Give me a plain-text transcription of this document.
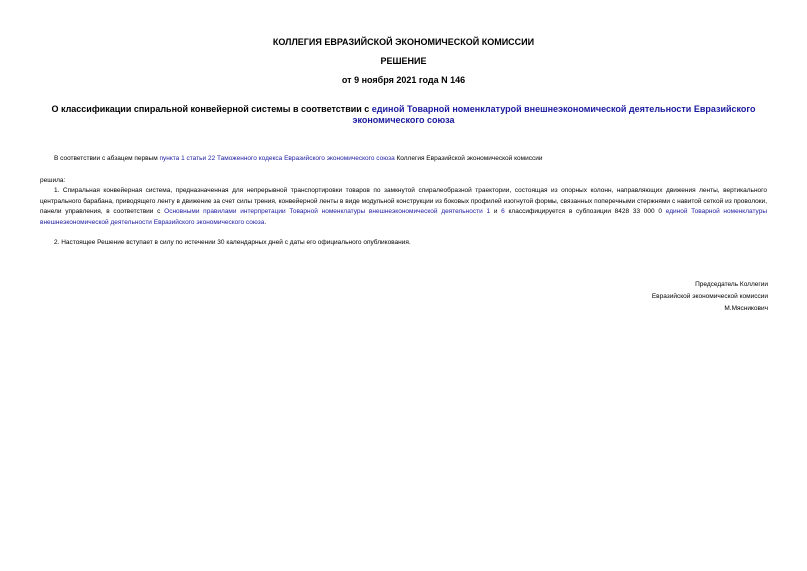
КОЛЛЕГИЯ ЕВРАЗИЙСКОЙ ЭКОНОМИЧЕСКОЙ КОМИССИИ
РЕШЕНИЕ
от 9 ноября 2021 года N 146
О классификации спиральной конвейерной системы в соответствии с единой Товарной номенклатурой внешнеэкономической деятельности Евразийского экономического союза
В соответствии с абзацем первым пункта 1 статьи 22 Таможенного кодекса Евразийского экономического союза Коллегия Евразийской экономической комиссии
решила:
1. Спиральная конвейерная система, предназначенная для непрерывной транспортировки товаров по замкнутой спиралеобразной траектории, состоящая из опорных колонн, направляющих движения ленты, вертикального центрального барабана, приводящего ленту в движение за счет силы трения, конвейерной ленты в виде модульной конструкции из боковых профилей изогнутой формы, связанных поперечными стержнями с навитой сеткой из проволоки, панели управления, в соответствии с Основными правилами интерпретации Товарной номенклатуры внешнеэкономической деятельности 1 и 6 классифицируется в субпозиции 8428 33 000 0 единой Товарной номенклатуры внешнеэкономической деятельности Евразийского экономического союза.
2. Настоящее Решение вступает в силу по истечении 30 календарных дней с даты его официального опубликования.
Председатель Коллегии
Евразийской экономической комиссии
М.Мясникович
